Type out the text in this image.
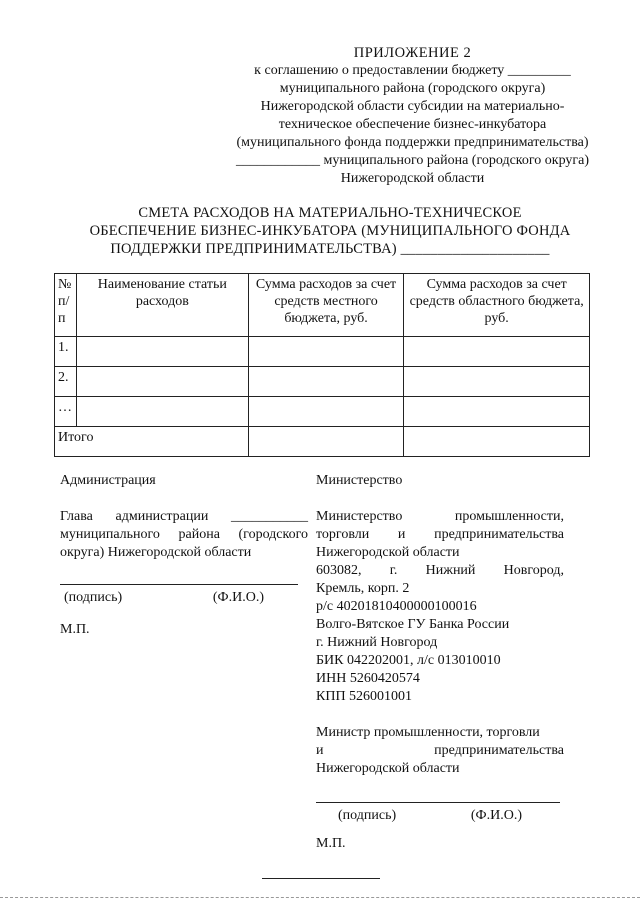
ПРИЛОЖЕНИЕ 2
к соглашению о предоставлении бюджету _________
муниципального района (городского округа)
Нижегородской области субсидии на материально-
техническое обеспечение бизнес-инкубатора
(муниципального фонда поддержки предпринимательства)
____________ муниципального района (городского округа)
Нижегородской области
СМЕТА РАСХОДОВ НА МАТЕРИАЛЬНО-ТЕХНИЧЕСКОЕ
ОБЕСПЕЧЕНИЕ БИЗНЕС-ИНКУБАТОРА (МУНИЦИПАЛЬНОГО ФОНДА
ПОДДЕРЖКИ ПРЕДПРИНИМАТЕЛЬСТВА) ____________________
№ п/ п	Наименование статьи расходов	Сумма расходов за счет средств местного бюджета, руб.	Сумма расходов за счет средств областного бюджета, руб.
1.			
2.			
…			
Итого			
Администрация
Глава администрации ___________ муниципального района (городского округа) Нижегородской области
(подпись)	(Ф.И.О.)
М.П.
Министерство
Министерство промышленности,
торговли и предпринимательства
Нижегородской области
603082, г. Нижний Новгород,
Кремль, корп. 2
р/с 40201810400000100016
Волго-Вятское ГУ Банка России
г. Нижний Новгород
БИК 042202001, л/с 013010010
ИНН 5260420574
КПП 526001001
Министр промышленности, торговли
и предпринимательства
Нижегородской области
(подпись)	(Ф.И.О.)
М.П.
